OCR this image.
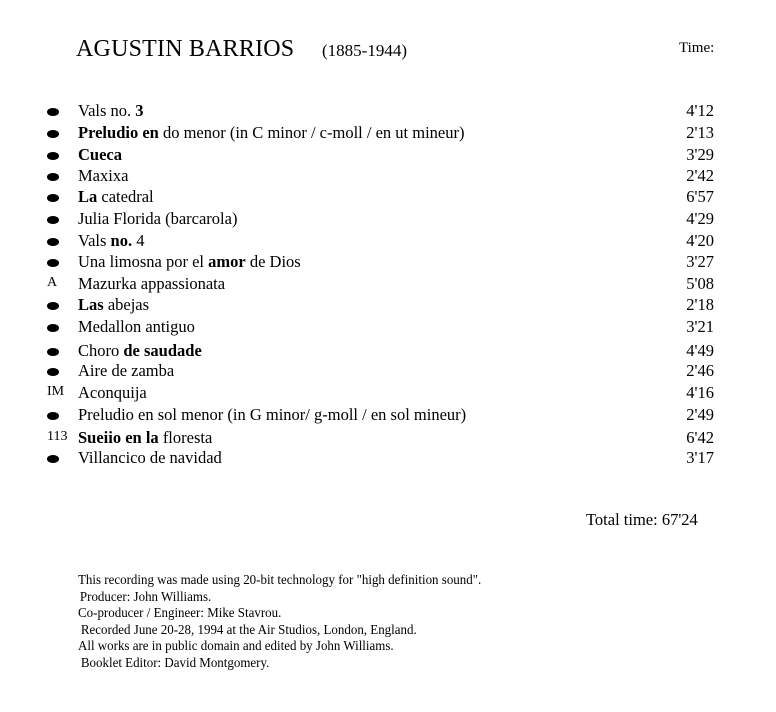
AGUSTIN BARRIOS (1885-1944)	Time:
Vals no. 3	4'12
Preludio en do menor (in C minor / c-moll / en ut mineur)	2'13
Cueca	3'29
Maxixa	2'42
La catedral	6'57
Julia Florida (barcarola)	4'29
Vals no. 4	4'20
Una limosna por el amor de Dios	3'27
A Mazurka appassionata	5'08
Las abejas	2'18
Medallon antiguo	3'21
Choro de saudade	4'49
Aire de zamba	2'46
IM Aconquija	4'16
Preludio en sol menor (in G minor/ g-moll / en sol mineur)	2'49
113 Sueiio en la floresta	6'42
Villancico de navidad	3'17
Total time: 67'24
This recording was made using 20-bit technology for "high definition sound".
Producer: John Williams.
Co-producer / Engineer: Mike Stavrou.
Recorded June 20-28, 1994 at the Air Studios, London, England.
All works are in public domain and edited by John Williams.
Booklet Editor: David Montgomery.
